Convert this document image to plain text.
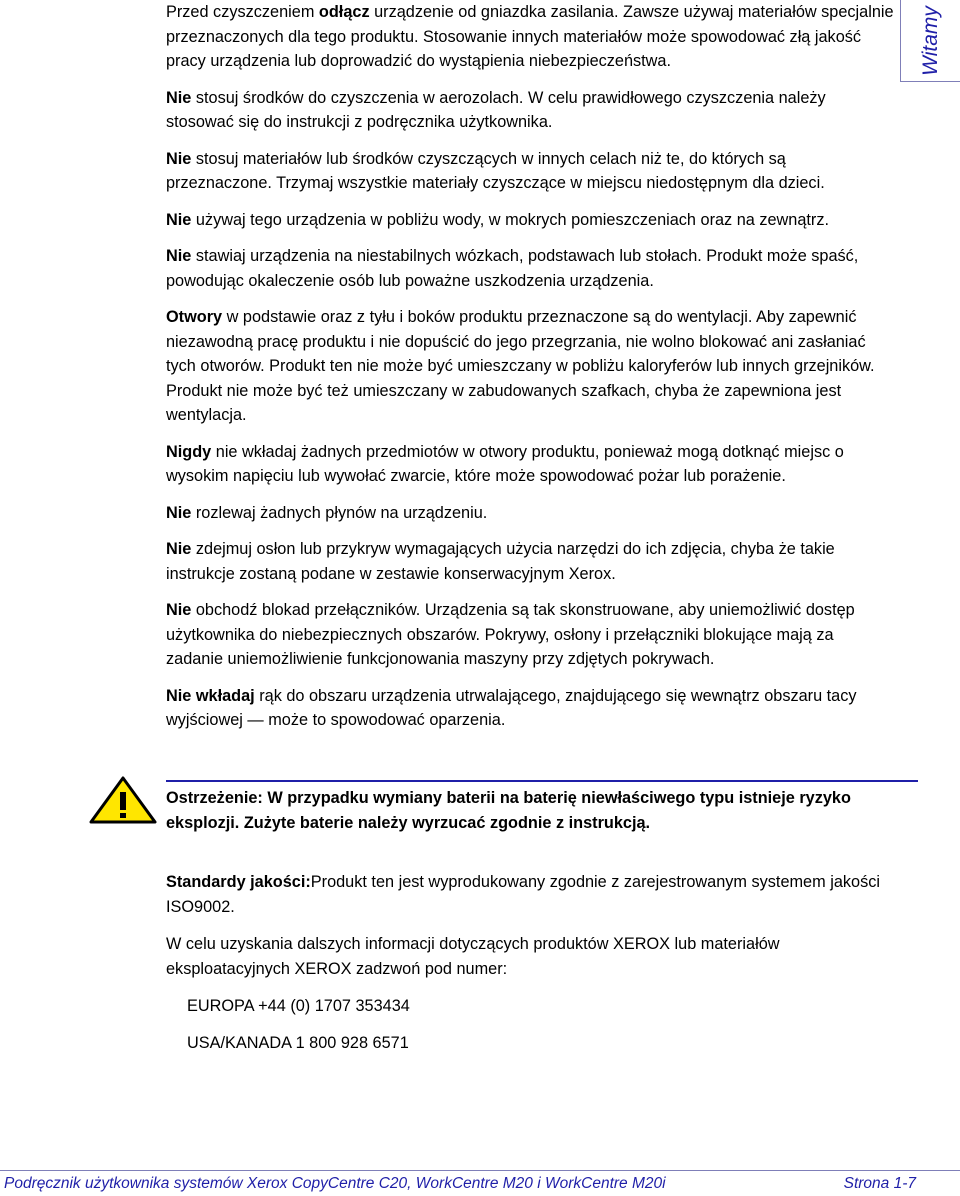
Witamy

Przed czyszczeniem odłącz urządzenie od gniazdka zasilania. Zawsze używaj materiałów specjalnie przeznaczonych dla tego produktu. Stosowanie innych materiałów może spowodować złą jakość pracy urządzenia lub doprowadzić do wystąpienia niebezpieczeństwa.

Nie stosuj środków do czyszczenia w aerozolach. W celu prawidłowego czyszczenia należy stosować się do instrukcji z podręcznika użytkownika.

Nie stosuj materiałów lub środków czyszczących w innych celach niż te, do których są przeznaczone. Trzymaj wszystkie materiały czyszczące w miejscu niedostępnym dla dzieci.

Nie używaj tego urządzenia w pobliżu wody, w mokrych pomieszczeniach oraz na zewnątrz.

Nie stawiaj urządzenia na niestabilnych wózkach, podstawach lub stołach. Produkt może spaść, powodując okaleczenie osób lub poważne uszkodzenia urządzenia.

Otwory w podstawie oraz z tyłu i boków produktu przeznaczone są do wentylacji. Aby zapewnić niezawodną pracę produktu i nie dopuścić do jego przegrzania, nie wolno blokować ani zasłaniać tych otworów. Produkt ten nie może być umieszczany w pobliżu kaloryferów lub innych grzejników. Produkt nie może być też umieszczany w zabudowanych szafkach, chyba że zapewniona jest wentylacja.

Nigdy nie wkładaj żadnych przedmiotów w otwory produktu, ponieważ mogą dotknąć miejsc o wysokim napięciu lub wywołać zwarcie, które może spowodować pożar lub porażenie.

Nie rozlewaj żadnych płynów na urządzeniu.

Nie zdejmuj osłon lub przykryw wymagających użycia narzędzi do ich zdjęcia, chyba że takie instrukcje zostaną podane w zestawie konserwacyjnym Xerox.

Nie obchodź blokad przełączników. Urządzenia są tak skonstruowane, aby uniemożliwić dostęp użytkownika do niebezpiecznych obszarów. Pokrywy, osłony i przełączniki blokujące mają za zadanie uniemożliwienie funkcjonowania maszyny przy zdjętych pokrywach.

Nie wkładaj rąk do obszaru urządzenia utrwalającego, znajdującego się wewnątrz obszaru tacy wyjściowej — może to spowodować oparzenia.

Ostrzeżenie: W przypadku wymiany baterii na baterię niewłaściwego typu istnieje ryzyko eksplozji. Zużyte baterie należy wyrzucać zgodnie z instrukcją.

Standardy jakości:Produkt ten jest wyprodukowany zgodnie z zarejestrowanym systemem jakości ISO9002.

W celu uzyskania dalszych informacji dotyczących produktów XEROX lub materiałów eksploatacyjnych XEROX zadzwoń pod numer:

EUROPA +44 (0) 1707 353434

USA/KANADA 1 800 928 6571

Podręcznik użytkownika systemów Xerox CopyCentre C20, WorkCentre M20 i WorkCentre M20i	Strona 1-7
